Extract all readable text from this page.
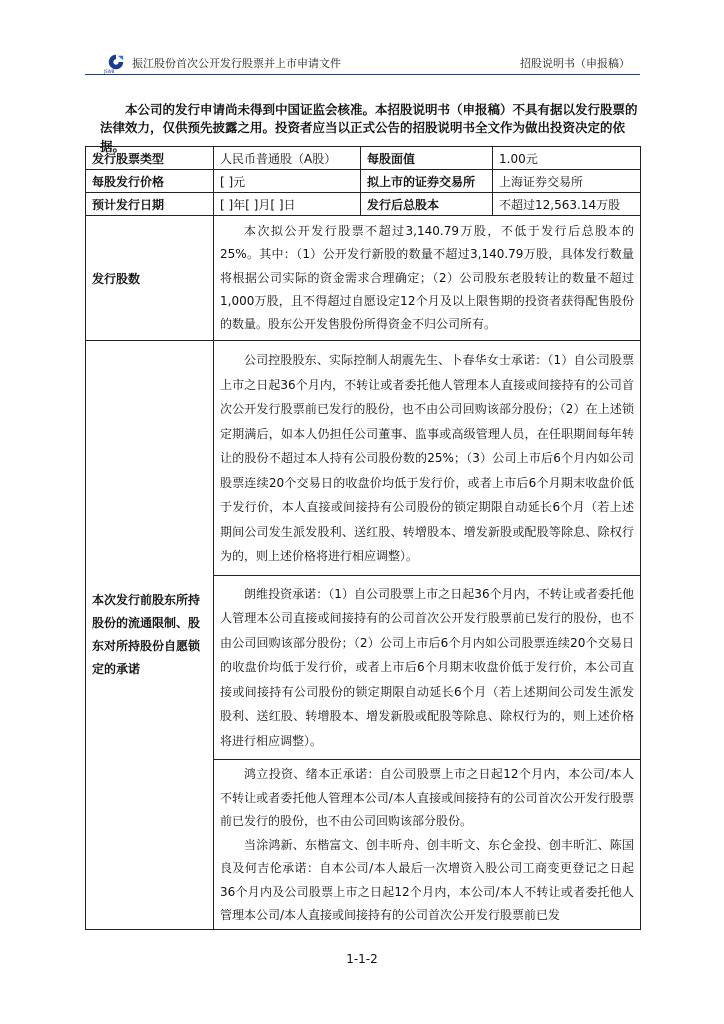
JSWB
振江股份首次公开发行股票并上市申请文件	招股说明书（申报稿）

本公司的发行申请尚未得到中国证监会核准。本招股说明书（申报稿）不具有据以发行股票的法律效力，仅供预先披露之用。投资者应当以正式公告的招股说明书全文作为做出投资决定的依据。

发行股票类型	人民币普通股（A股）	每股面值	1.00元
每股发行价格	[ ]元	拟上市的证券交易所	上海证券交易所
预计发行日期	[ ]年[ ]月[ ]日	发行后总股本	不超过12,563.14万股
发行股数	本次拟公开发行股票不超过3,140.79万股，不低于发行后总股本的25%。其中：（1）公开发行新股的数量不超过3,140.79万股，具体发行数量将根据公司实际的资金需求合理确定；（2）公司股东老股转让的数量不超过1,000万股，且不得超过自愿设定12个月及以上限售期的投资者获得配售股份的数量。股东公开发售股份所得资金不归公司所有。		

本次发行前股东所持股份的流通限制、股东对所持股份自愿锁定的承诺	公司控股股东、实际控制人胡震先生、卜春华女士承诺：（1）自公司股票上市之日起36个月内，不转让或者委托他人管理本人直接或间接持有的公司首次公开发行股票前已发行的股份，也不由公司回购该部分股份；（2）在上述锁定期满后，如本人仍担任公司董事、监事或高级管理人员，在任职期间每年转让的股份不超过本人持有公司股份数的25%；（3）公司上市后6个月内如公司股票连续20个交易日的收盘价均低于发行价，或者上市后6个月期末收盘价低于发行价，本人直接或间接持有公司股份的锁定期限自动延长6个月（若上述期间公司发生派发股利、送红股、转增股本、增发新股或配股等除息、除权行为的，则上述价格将进行相应调整）。		

	朗维投资承诺：（1）自公司股票上市之日起36个月内，不转让或者委托他人管理本公司直接或间接持有的公司首次公开发行股票前已发行的股份，也不由公司回购该部分股份；（2）公司上市后6个月内如公司股票连续20个交易日的收盘价均低于发行价，或者上市后6个月期末收盘价低于发行价，本公司直接或间接持有公司股份的锁定期限自动延长6个月（若上述期间公司发生派发股利、送红股、转增股本、增发新股或配股等除息、除权行为的，则上述价格将进行相应调整）。		

	鸿立投资、绪本正承诺：自公司股票上市之日起12个月内，本公司/本人不转让或者委托他人管理本公司/本人直接或间接持有的公司首次公开发行股票前已发行的股份，也不由公司回购该部分股份。

当涂鸿新、东楷富文、创丰昕舟、创丰昕文、东仑金投、创丰昕汇、陈国良及何吉伦承诺：自本公司/本人最后一次增资入股公司工商变更登记之日起36个月内及公司股票上市之日起12个月内，本公司/本人不转让或者委托他人管理本公司/本人直接或间接持有的公司首次公开发行股票前已发		

1-1-2
